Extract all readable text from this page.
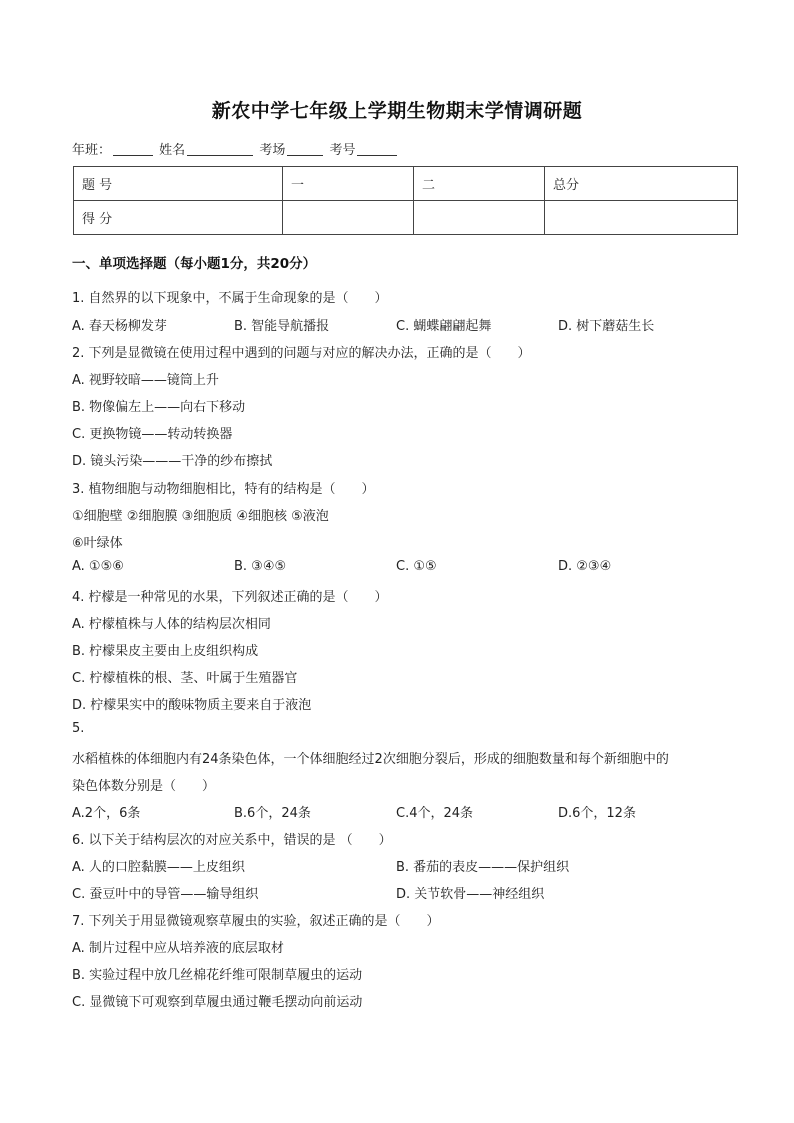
新农中学七年级上学期生物期末学情调研题
年班：	姓名	考场	考号
题 号	一	二	总分
得 分			
一、单项选择题（每小题1分，共20分）
1. 自然界的以下现象中，不属于生命现象的是（　　）
A. 春天杨柳发芽	B. 智能导航播报	C. 蝴蝶翩翩起舞	D. 树下蘑菇生长
2. 下列是显微镜在使用过程中遇到的问题与对应的解决办法，正确的是（　　）
A. 视野较暗——镜筒上升
B. 物像偏左上——向右下移动
C. 更换物镜——转动转换器
D. 镜头污染———干净的纱布擦拭
3. 植物细胞与动物细胞相比，特有的结构是（　　）
①细胞壁 ②细胞膜 ③细胞质 ④细胞核 ⑤液泡
⑥叶绿体
A. ①⑤⑥	B. ③④⑤	C. ①⑤	D. ②③④
4. 柠檬是一种常见的水果，下列叙述正确的是（　　）
A. 柠檬植株与人体的结构层次相同
B. 柠檬果皮主要由上皮组织构成
C. 柠檬植株的根、茎、叶属于生殖器官
D. 柠檬果实中的酸味物质主要来自于液泡
5.
水稻植株的体细胞内有24条染色体，一个体细胞经过2次细胞分裂后，形成的细胞数量和每个新细胞中的
染色体数分别是（　　）
A.2个，6条	B.6个，24条	C.4个，24条	D.6个，12条
6. 以下关于结构层次的对应关系中，错误的是 （　　）
A. 人的口腔黏膜——上皮组织	B. 番茄的表皮———保护组织
C. 蚕豆叶中的导管——输导组织	D. 关节软骨——神经组织
7. 下列关于用显微镜观察草履虫的实验，叙述正确的是（　　）
A. 制片过程中应从培养液的底层取材
B. 实验过程中放几丝棉花纤维可限制草履虫的运动
C. 显微镜下可观察到草履虫通过鞭毛摆动向前运动
